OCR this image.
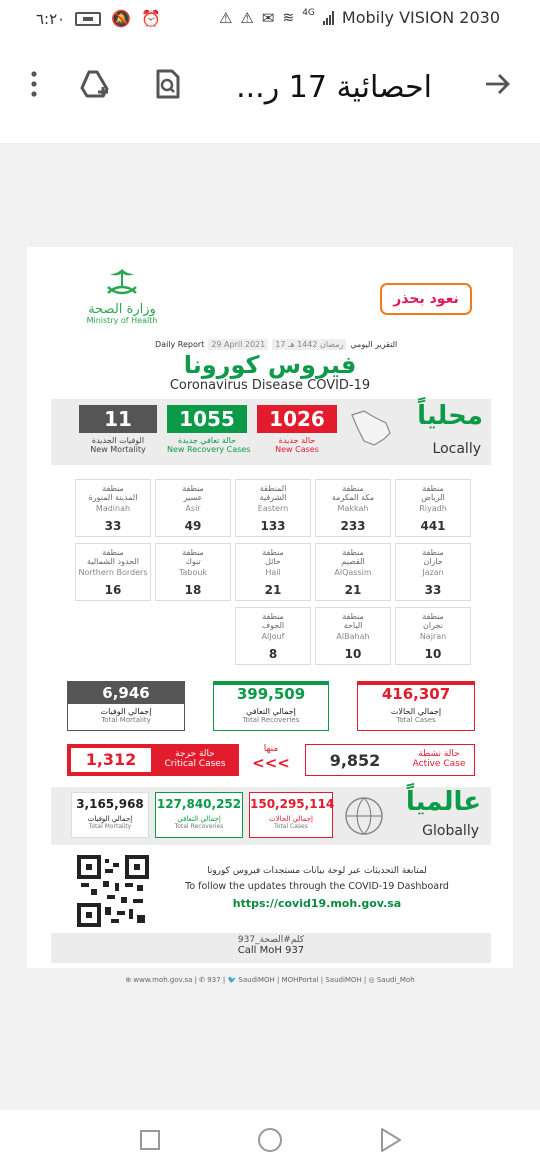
٦:٢٠	🔕 ⏰	⚠ ⚠ ✉ ≋ 4G Mobily VISION 2030
احصائية 17 ر...
نعود بحذر
وزارة الصحة
Ministry of Health
Daily Report 29 April 2021	17 رمضان 1442 هـ التقرير اليومي
فيروس كورونا
Coronavirus Disease COVID-19
11
الوفيات الجديدة
New Mortality
1055
حالة تعافي جديدة
New Recovery Cases
1026
حالة جديدة
New Cases
محلياً
Locally
6,946
إجمالي الوفيات
Total Mortality
399,509
إجمالي التعافي
Total Recoveries
416,307
إجمالي الحالات
Total Cases
1,312	حالة حرجة
Critical Cases
منها
<<<	9,852	حالة نشطة
Active Case
3,165,968
إجمالي الوفيات
Total Mortality
127,840,252
إجمالي التعافي
Total Recoveries
150,295,114
إجمالي الحالات
Total Cases
عالمياً
Globally
لمتابعة التحديثات عبر لوحة بيانات مستجدات فيروس كورونا
To follow the updates through the COVID-19 Dashboard
https://covid19.moh.gov.sa
كلم#الصحة_937
Call MoH 937
⊕ www.moh.gov.sa | ✆ 937 | 🐦 SaudiMOH | MOHPortal | SaudiMOH | ◎ Saudi_Moh
منطقة
الرياض
Riyadh
441
منطقة
مكة المكرمة
Makkah
233
المنطقة
الشرقية
Eastern
133
منطقة
عسير
Asir
49
منطقة
المدينة المنورة
Madinah
33
منطقة
جازان
Jazan
33
منطقة
القصيم
AlQassim
21
منطقة
حائل
Hail
21
منطقة
تبوك
Tabouk
18
منطقة
الحدود الشمالية
Northern Borders
16
منطقة
نجران
Najran
10
منطقة
الباحة
AlBahah
10
منطقة
الجوف
AlJouf
8
